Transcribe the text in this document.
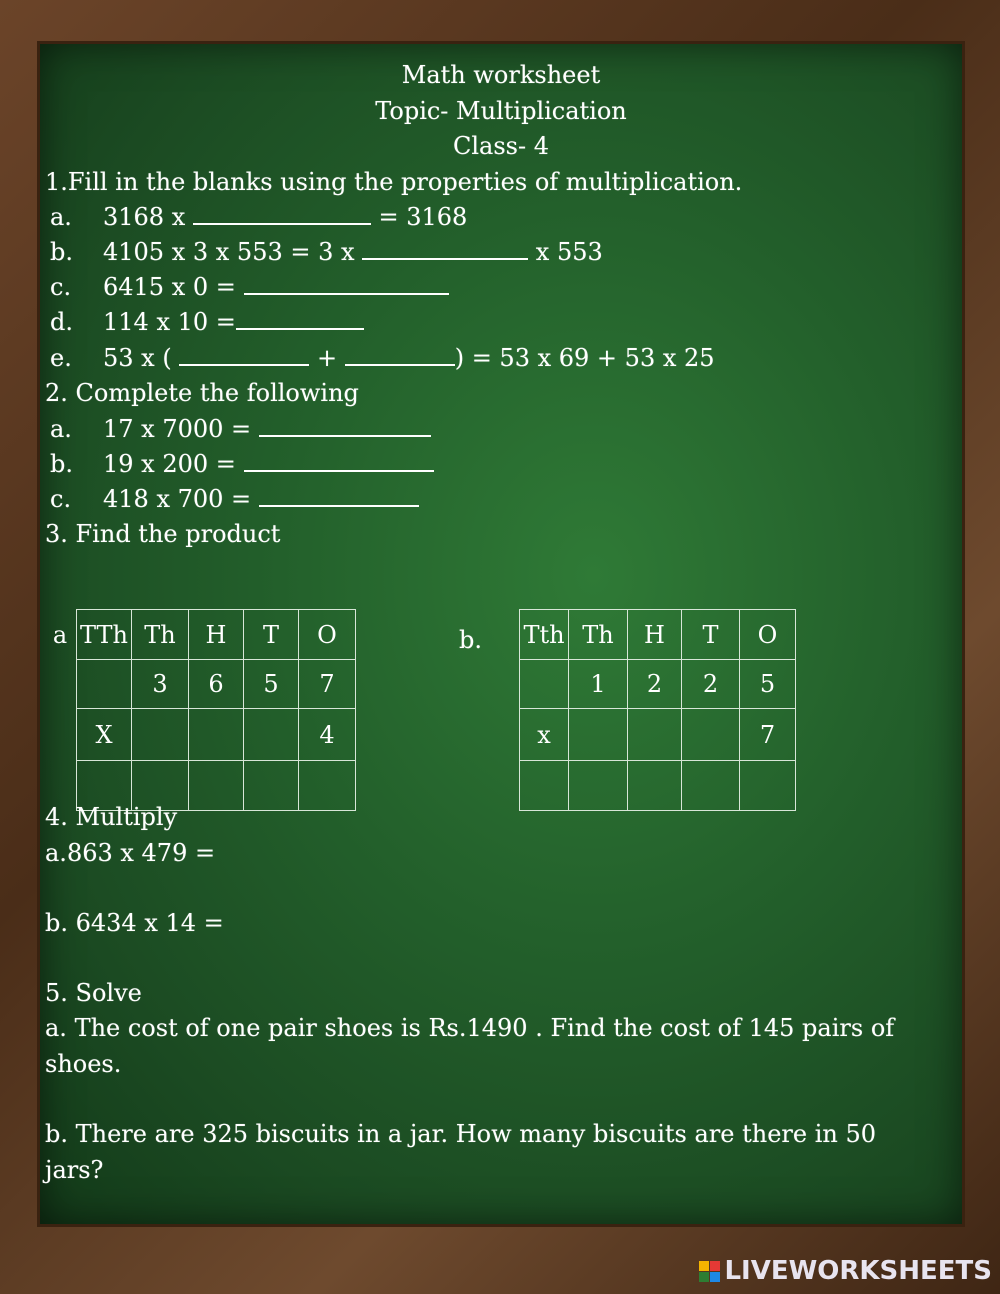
Math worksheet
Topic- Multiplication
Class- 4
1.Fill in the blanks using the properties of multiplication.
a. 3168 x	= 3168
b. 4105 x 3 x 553 = 3 x	x 553
c. 6415 x 0 =
d. 114 x 10 =
e. 53 x (	+	) = 53 x 69 + 53 x 25
2. Complete the following
a. 17 x 7000 =
b. 19 x 200 =
c. 418 x 700 =
3. Find the product
a	TTh	Th	H	T	O
		3	6	5	7
	X				4

b. Tth	Th	H	T	O
	1	2	2	5
x				7

4. Multiply
a.863 x 479 =
b. 6434 x 14 =
5. Solve
a. The cost of one pair shoes is Rs.1490 . Find the cost of 145 pairs of
shoes.
b. There are 325 biscuits in a jar. How many biscuits are there in 50
jars?
LIVEWORKSHEETS
